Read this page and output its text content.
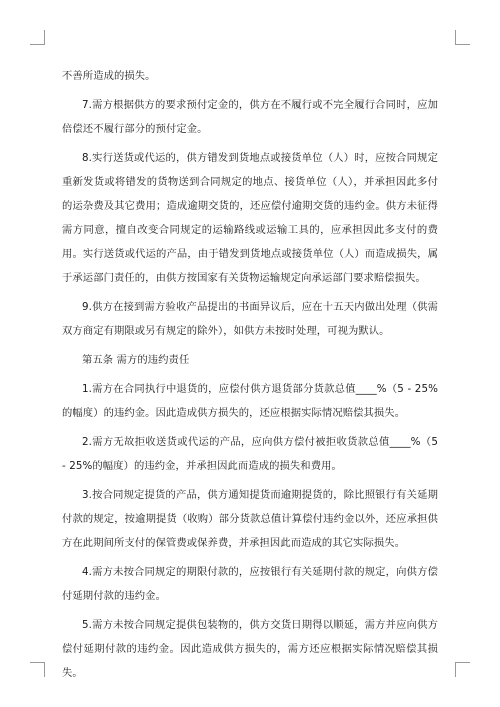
不善所造成的损失。

7.需方根据供方的要求预付定金的，供方在不履行或不完全履行合同时，应加倍偿还不履行部分的预付定金。

8.实行送货或代运的，供方错发到货地点或接货单位（人）时，应按合同规定重新发货或将错发的货物送到合同规定的地点、接货单位（人），并承担因此多付的运杂费及其它费用；造成逾期交货的，还应偿付逾期交货的违约金。供方未征得需方同意，擅自改变合同规定的运输路线或运输工具的，应承担因此多支付的费用。实行送货或代运的产品，由于错发到货地点或接货单位（人）而造成损失，属于承运部门责任的，由供方按国家有关货物运输规定向承运部门要求赔偿损失。

9.供方在接到需方验收产品提出的书面异议后，应在十五天内做出处理（供需双方商定有期限或另有规定的除外），如供方未按时处理，可视为默认。

第五条 需方的违约责任

1.需方在合同执行中退货的，应偿付供方退货部分货款总值____%（5 - 25%的幅度）的违约金。因此造成供方损失的，还应根据实际情况赔偿其损失。

2.需方无故拒收送货或代运的产品，应向供方偿付被拒收货款总值____%（5 - 25%的幅度）的违约金，并承担因此而造成的损失和费用。

3.按合同规定提货的产品，供方通知提货而逾期提货的，除比照银行有关延期付款的规定，按逾期提货（收购）部分货款总值计算偿付违约金以外，还应承担供方在此期间所支付的保管费或保养费，并承担因此而造成的其它实际损失。

4.需方未按合同规定的期限付款的，应按银行有关延期付款的规定，向供方偿付延期付款的违约金。

5.需方未按合同规定提供包装物的，供方交货日期得以顺延，需方并应向供方偿付延期付款的违约金。因此造成供方损失的，需方还应根据实际情况赔偿其损失。
